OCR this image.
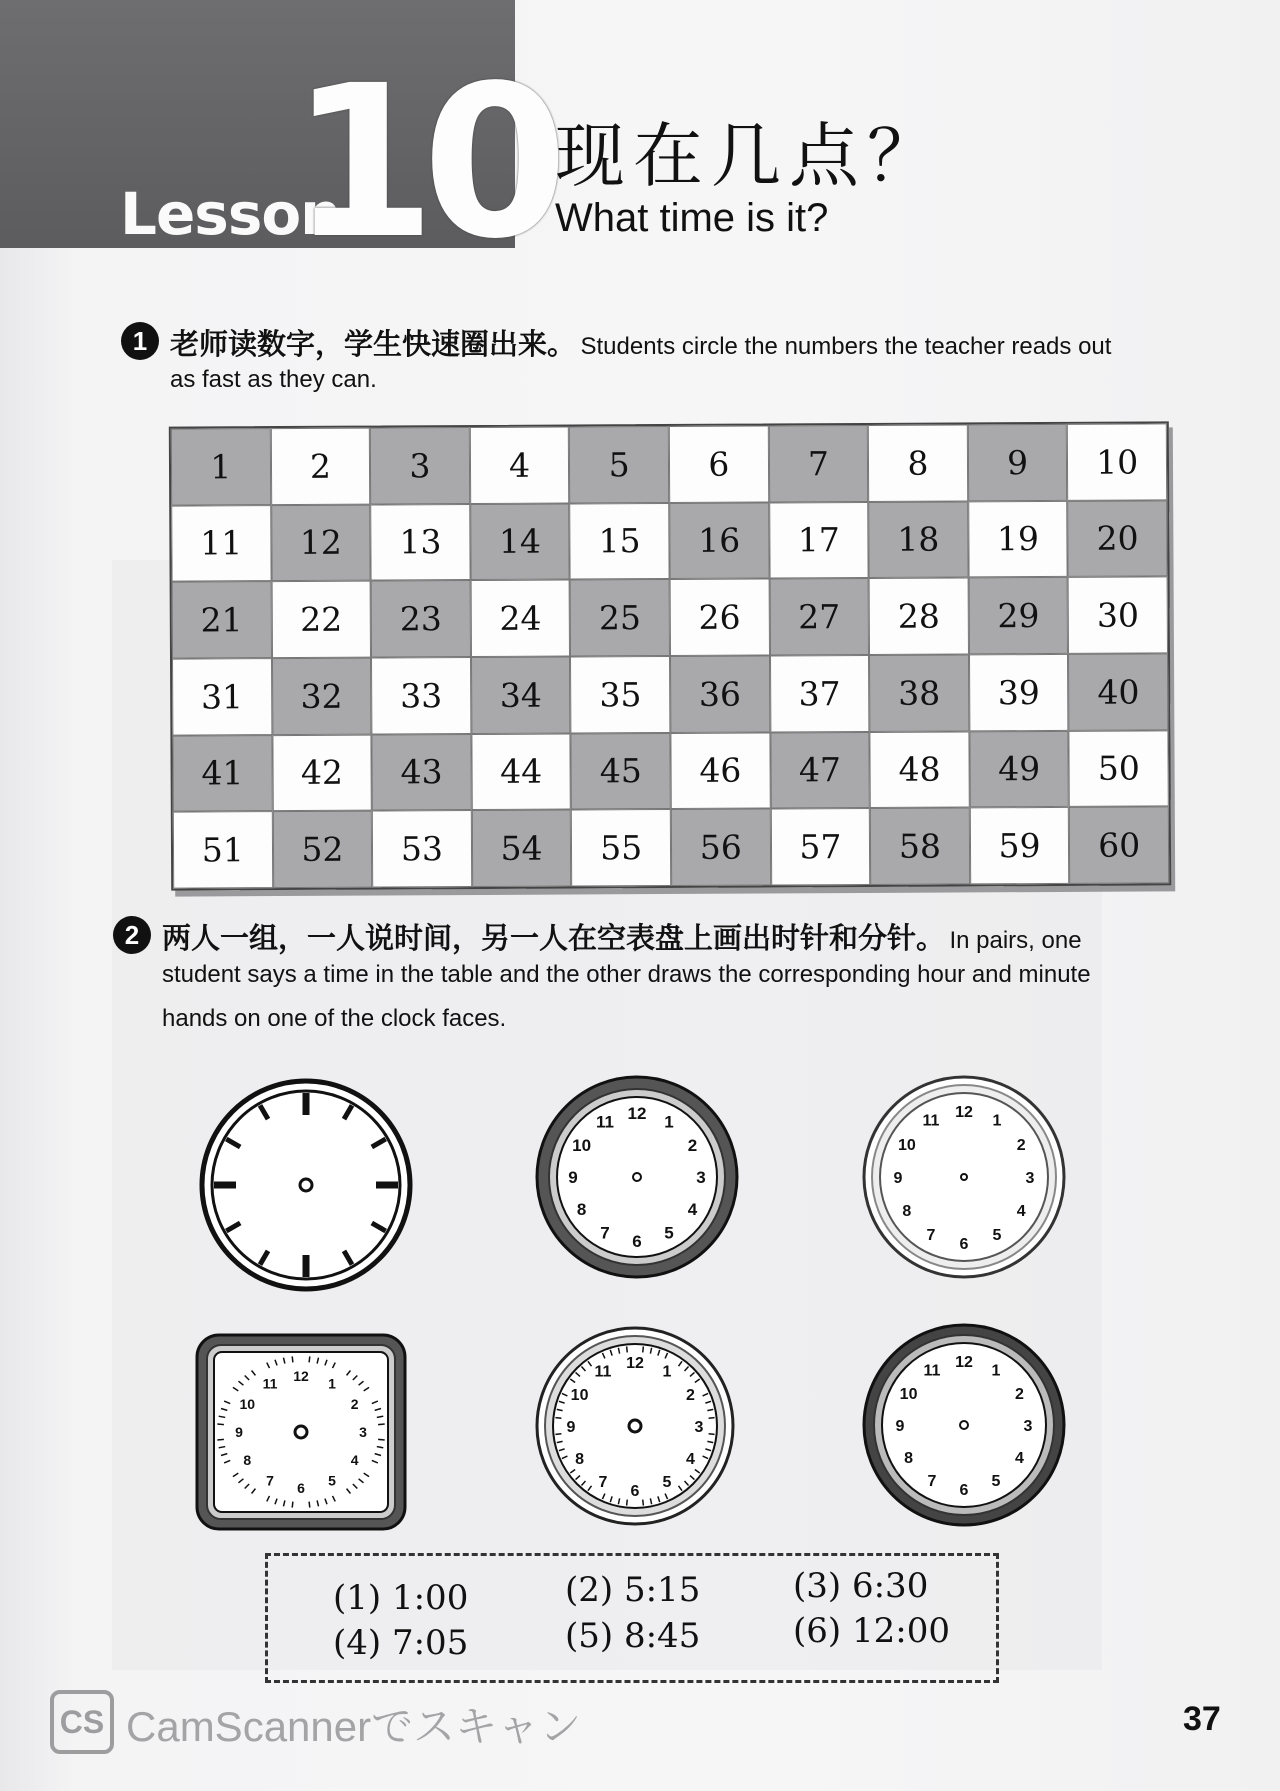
Lesson
10 现在几点？
What time is it?
1 老师读数字，学生快速圈出来。 Students circle the numbers the teacher reads out
as fast as they can.
1	2	3	4	5	6	7	8	9	10
11	12	13	14	15	16	17	18	19	20
21	22	23	24	25	26	27	28	29	30
31	32	33	34	35	36	37	38	39	40
41	42	43	44	45	46	47	48	49	50
51	52	53	54	55	56	57	58	59	60
2 两人一组，一人说时间，另一人在空表盘上画出时针和分针。 In pairs, one
student says a time in the table and the other draws the corresponding hour and minute
hands on one of the clock faces.
12 1
2
3
4
5
6
7
8
9
10
11
12
1
2
3
4
5
6
7
8
9
10
11
12 1
2
3
4
5
6
7
8
9
10
11
12
1
2
3
4
5
6
7
8
9
10
11
12
1
2
3
4
5
6
7
8
9
10
11
(1) 1:00	(2) 5:15	(3) 6:30
(4) 7:05	(5) 8:45	(6) 12:00
CS CamScannerでスキャン	37
